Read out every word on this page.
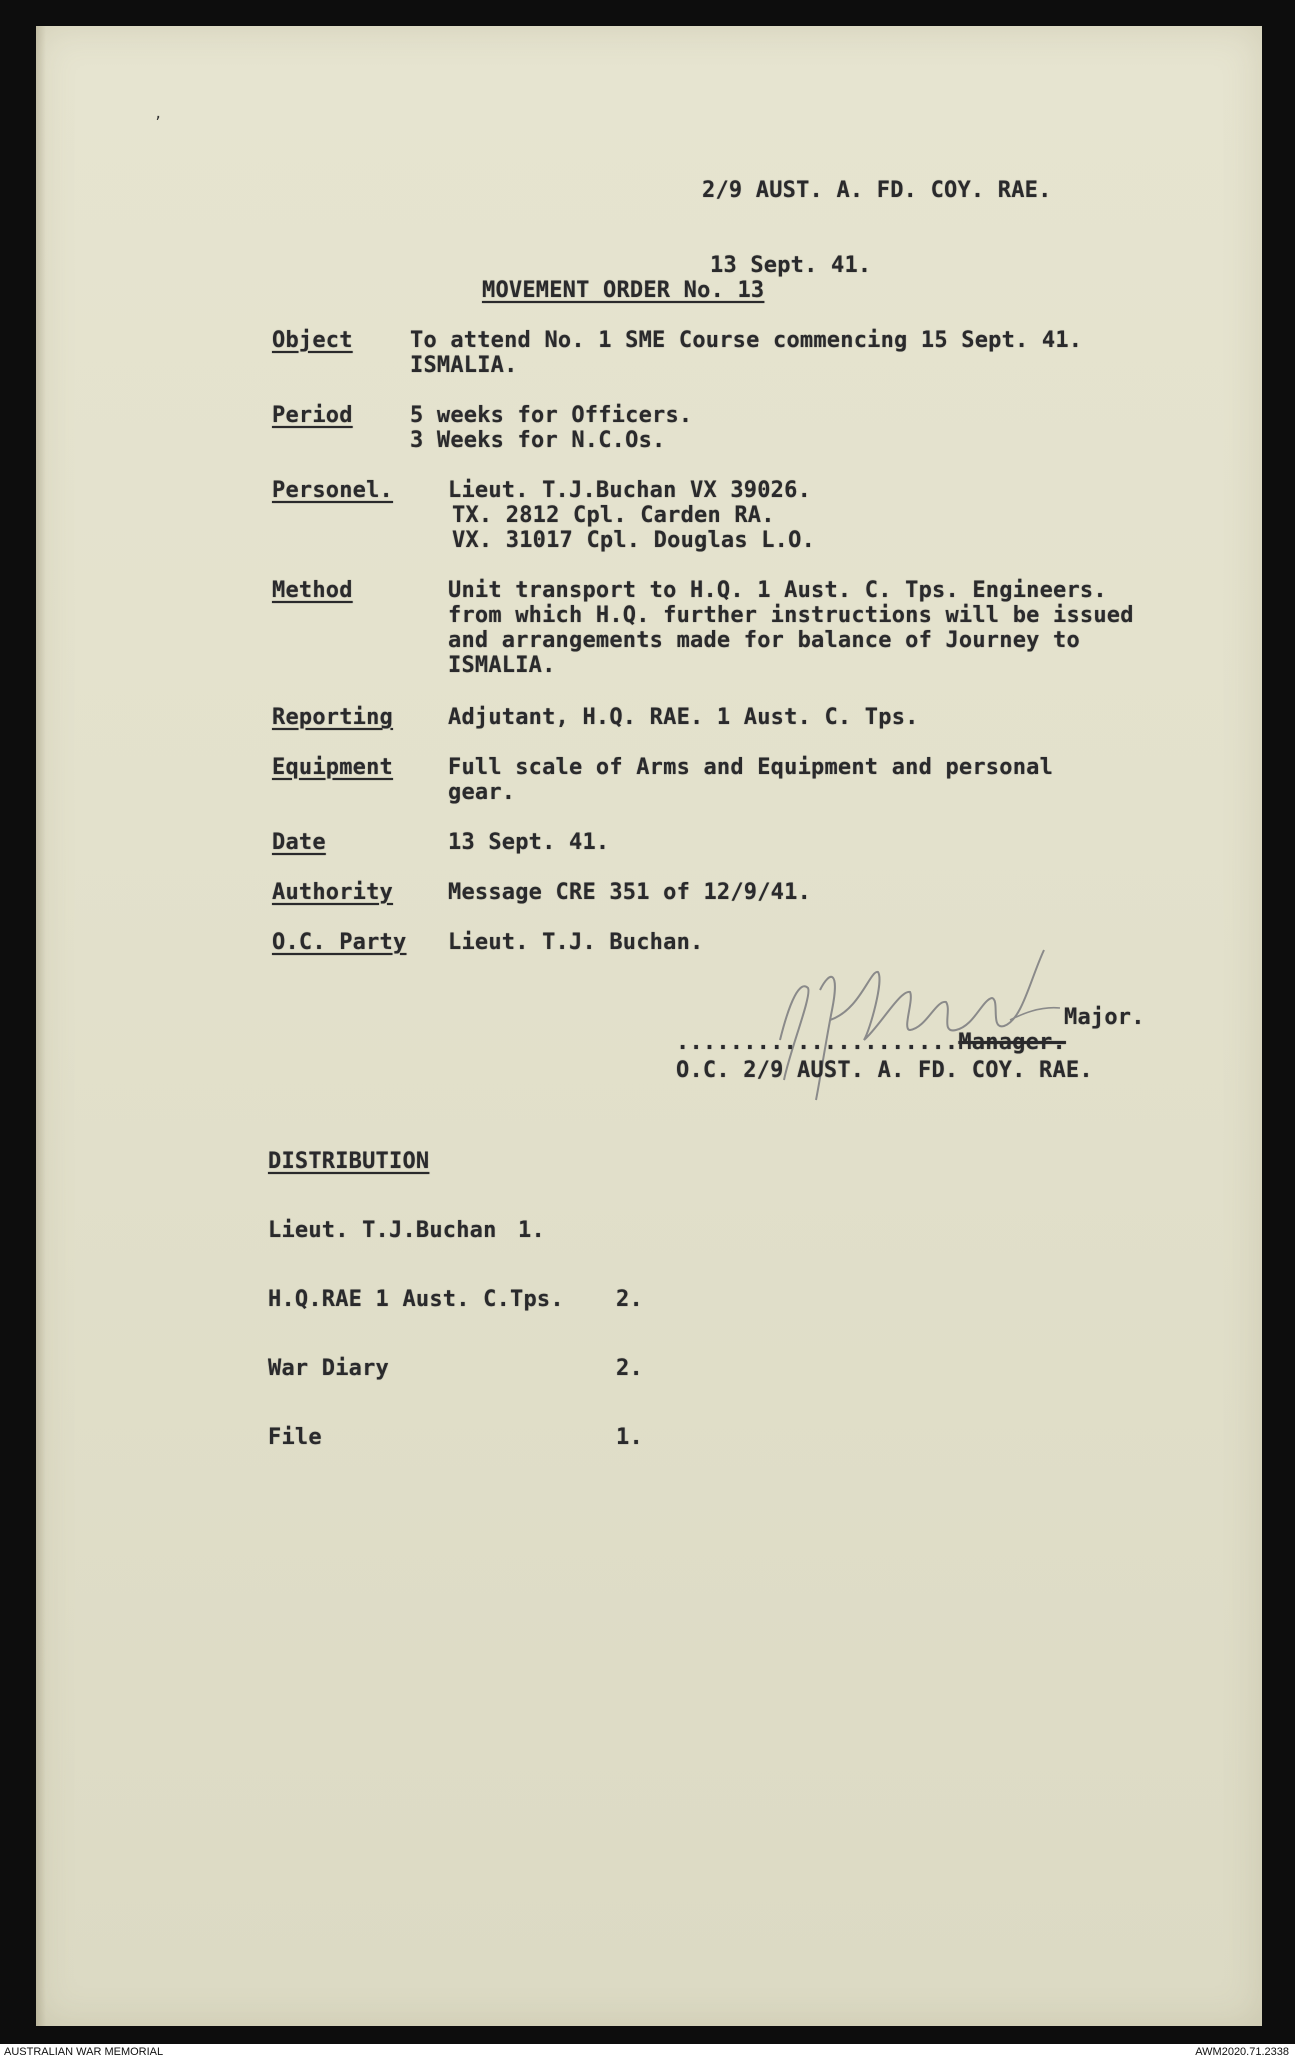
,

2/9 AUST. A. FD. COY. RAE.

13 Sept. 41.

MOVEMENT ORDER No. 13
Object	To attend No. 1 SME Course commencing 15 Sept. 41.
ISMALIA.
Period	5 weeks for Officers.
3 Weeks for N.C.Os.
Personel. Lieut. T.J.Buchan VX 39026.
TX. 2812 Cpl. Carden RA.
VX. 31017 Cpl. Douglas L.O.
Method	Unit transport to H.Q. 1 Aust. C. Tps. Engineers.
from which H.Q. further instructions will be issued
and arrangements made for balance of Journey to
ISMALIA.
Reporting Adjutant, H.Q. RAE. 1 Aust. C. Tps.
Equipment Full scale of Arms and Equipment and personal
gear.
Date	13 Sept. 41.
Authority Message CRE 351 of 12/9/41.
O.C. Party Lieut. T.J. Buchan.
Major.
.....................Manager.
O.C. 2/9 AUST. A. FD. COY. RAE.

DISTRIBUTION

Lieut. T.J.Buchan 1.

H.Q.RAE 1 Aust. C.Tps. 2.

War Diary	2.

File	1.

AUSTRALIAN WAR MEMORIAL	AWM2020.71.2338
